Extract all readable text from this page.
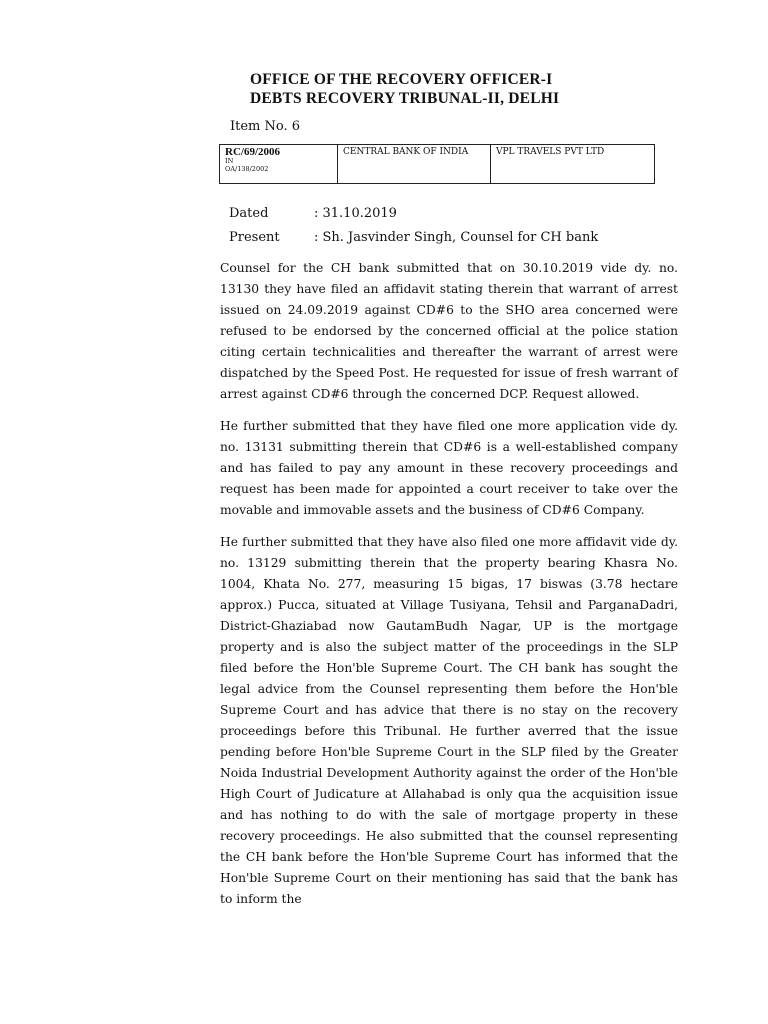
OFFICE OF THE RECOVERY OFFICER-I
DEBTS RECOVERY TRIBUNAL-II, DELHI
Item No. 6
RC/69/2006
IN
OA/138/2002
	CENTRAL BANK OF INDIA	VPL TRAVELS PVT LTD
Dated	: 31.10.2019
Present	: Sh. Jasvinder Singh, Counsel for CH bank

Counsel for the CH bank submitted that on 30.10.2019 vide dy. no. 13130 they have filed an affidavit stating therein that warrant of arrest issued on 24.09.2019 against CD#6 to the SHO area concerned were refused to be endorsed by the concerned official at the police station citing certain technicalities and thereafter the warrant of arrest were dispatched by the Speed Post. He requested for issue of fresh warrant of arrest against CD#6 through the concerned DCP. Request allowed.

He further submitted that they have filed one more application vide dy. no. 13131 submitting therein that CD#6 is a well-established company and has failed to pay any amount in these recovery proceedings and request has been made for appointed a court receiver to take over the movable and immovable assets and the business of CD#6 Company.

He further submitted that they have also filed one more affidavit vide dy. no. 13129 submitting therein that the property bearing Khasra No. 1004, Khata No. 277, measuring 15 bigas, 17 biswas (3.78 hectare approx.) Pucca, situated at Village Tusiyana, Tehsil and ParganaDadri, District-Ghaziabad now GautamBudh Nagar, UP is the mortgage property and is also the subject matter of the proceedings in the SLP filed before the Hon'ble Supreme Court. The CH bank has sought the legal advice from the Counsel representing them before the Hon'ble Supreme Court and has advice that there is no stay on the recovery proceedings before this Tribunal. He further averred that the issue pending before Hon'ble Supreme Court in the SLP filed by the Greater Noida Industrial Development Authority against the order of the Hon'ble High Court of Judicature at Allahabad is only qua the acquisition issue and has nothing to do with the sale of mortgage property in these recovery proceedings. He also submitted that the counsel representing the CH bank before the Hon'ble Supreme Court has informed that the Hon'ble Supreme Court on their mentioning has said that the bank has to inform the
